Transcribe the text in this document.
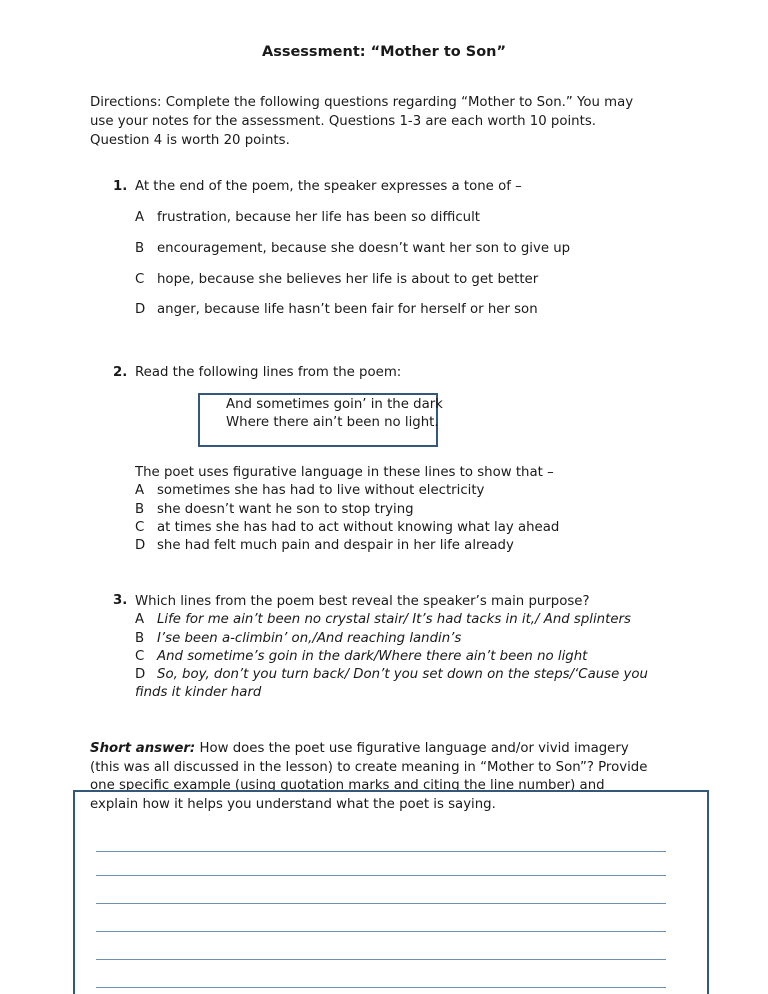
Assessment: “Mother to Son”
Directions: Complete the following questions regarding “Mother to Son.” You may
use your notes for the assessment. Questions 1-3 are each worth 10 points.
Question 4 is worth 20 points.
1. At the end of the poem, the speaker expresses a tone of –
A frustration, because her life has been so difficult
B encouragement, because she doesn’t want her son to give up
C hope, because she believes her life is about to get better
D anger, because life hasn’t been fair for herself or her son
2. Read the following lines from the poem:
And sometimes goin’ in the dark
Where there ain’t been no light.
The poet uses figurative language in these lines to show that –
A sometimes she has had to live without electricity
B she doesn’t want he son to stop trying
C at times she has had to act without knowing what lay ahead
D she had felt much pain and despair in her life already
3. Which lines from the poem best reveal the speaker’s main purpose?
A Life for me ain’t been no crystal stair/ It’s had tacks in it,/ And splinters
B I’se been a-climbin’ on,/And reaching landin’s
C And sometime’s goin in the dark/Where there ain’t been no light
D So, boy, don’t you turn back/ Don’t you set down on the steps/‘Cause you
finds it kinder hard
Short answer: How does the poet use figurative language and/or vivid imagery
(this was all discussed in the lesson) to create meaning in “Mother to Son”? Provide
one specific example (using quotation marks and citing the line number) and
explain how it helps you understand what the poet is saying.
